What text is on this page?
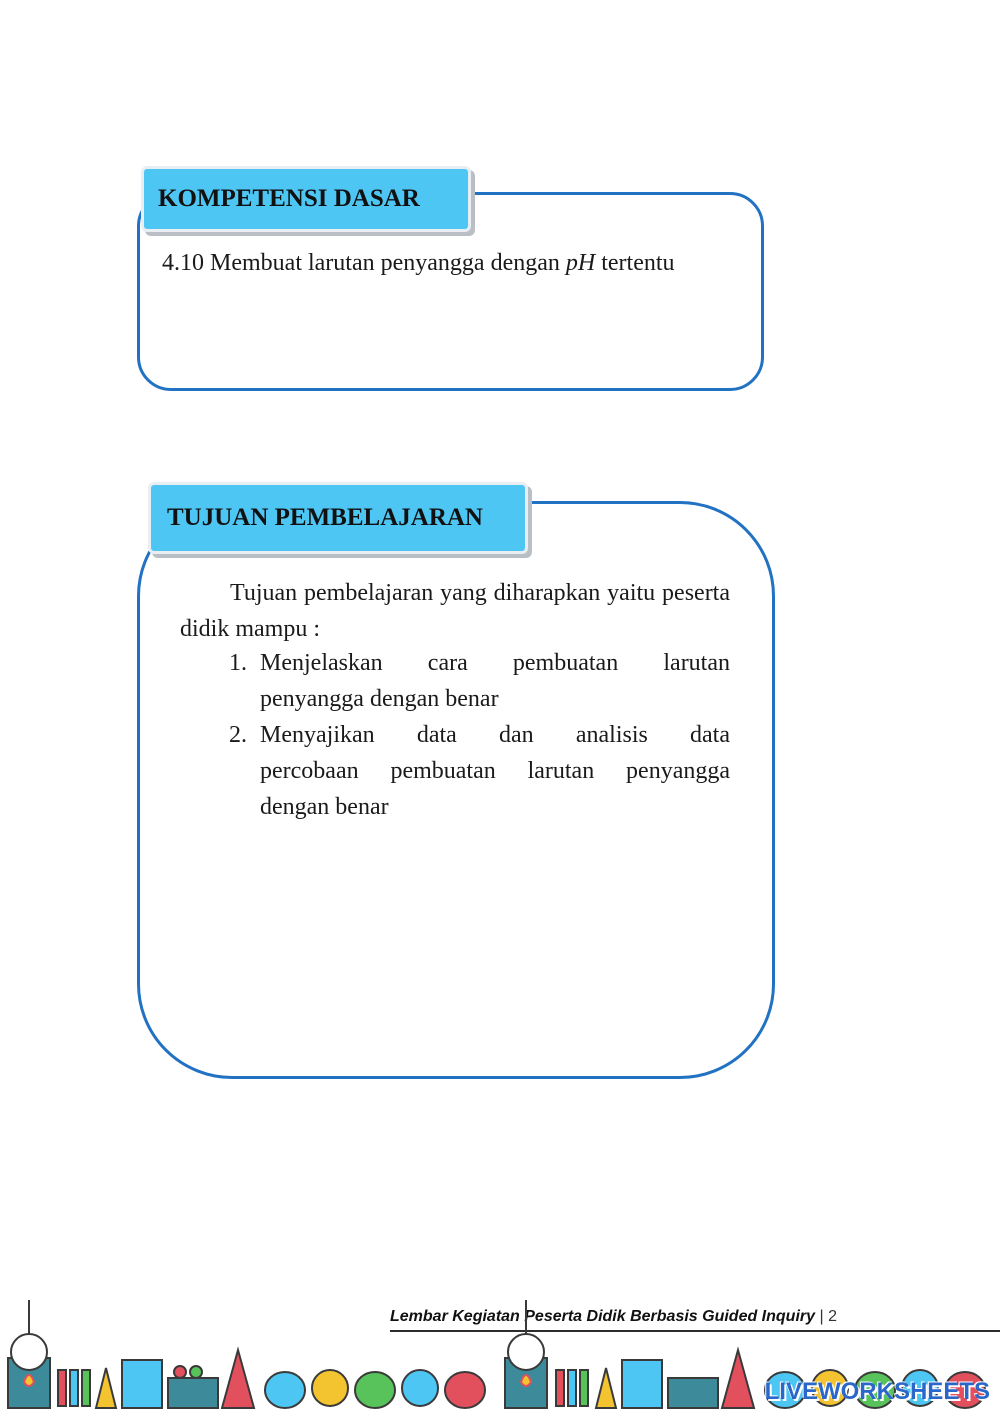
KOMPETENSI DASAR
4.10 Membuat larutan penyangga dengan pH tertentu
TUJUAN PEMBELAJARAN
Tujuan pembelajaran yang diharapkan yaitu peserta didik mampu :
1. Menjelaskan cara pembuatan larutan
penyangga dengan benar
2. Menyajikan data dan analisis data
percobaan pembuatan larutan penyangga
dengan benar
Lembar Kegiatan Peserta Didik Berbasis Guided Inquiry | 2
LIVEWORKSHEETS
